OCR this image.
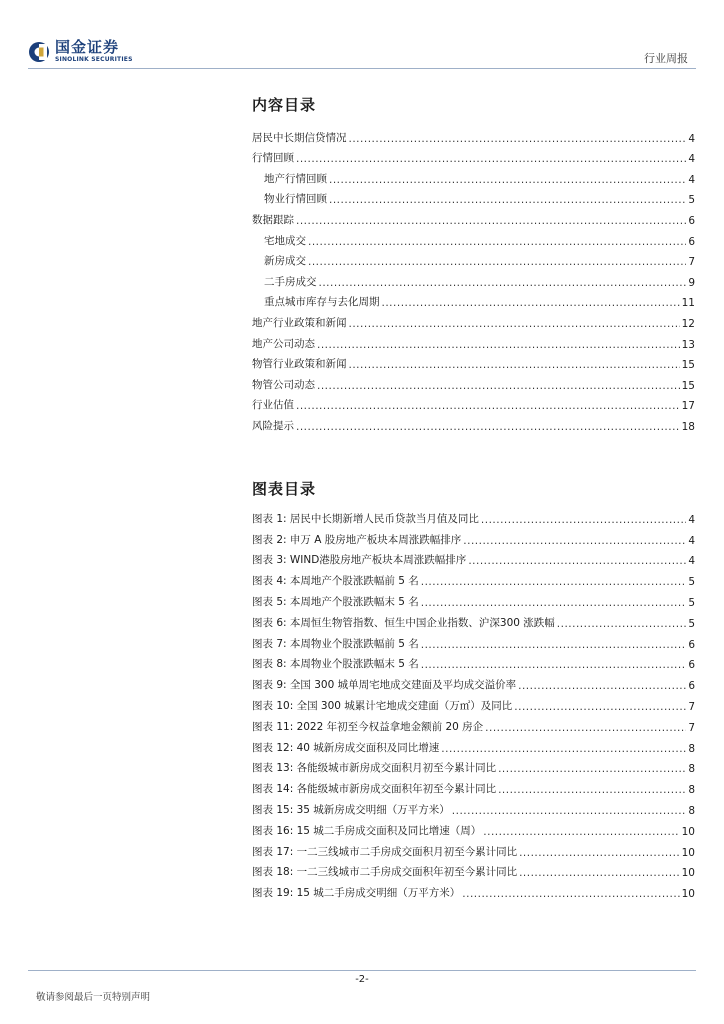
国金证券
SINOLINK SECURITIES	行业周报
内容目录
居民中长期信贷情况 .....	4
行情回顾 .....	4
地产行情回顾 .....	4
物业行情回顾 .....	5
数据跟踪 .....	6
宅地成交 .....	6
新房成交 .....	7
二手房成交 .....	9
重点城市库存与去化周期 .....	11
地产行业政策和新闻 .....	12
地产公司动态 .....	13
物管行业政策和新闻 .....	15
物管公司动态 .....	15
行业估值 .....	17
风险提示 .....	18
图表目录
图表 1: 居民中长期新增人民币贷款当月值及同比 .....	4
图表 2: 申万 A 股房地产板块本周涨跌幅排序 .....	4
图表 3: WIND港股房地产板块本周涨跌幅排序 .....	4
图表 4: 本周地产个股涨跌幅前 5 名 .....	5
图表 5: 本周地产个股涨跌幅末 5 名 .....	5
图表 6: 本周恒生物管指数、恒生中国企业指数、沪深300 涨跌幅 .....	5
图表 7: 本周物业个股涨跌幅前 5 名 .....	6
图表 8: 本周物业个股涨跌幅末 5 名 .....	6
图表 9: 全国 300 城单周宅地成交建面及平均成交溢价率 .....	6
图表 10: 全国 300 城累计宅地成交建面（万㎡）及同比 .....	7
图表 11: 2022 年初至今权益拿地金额前 20 房企 .....	7
图表 12: 40 城新房成交面积及同比增速 .....	8
图表 13: 各能级城市新房成交面积月初至今累计同比 .....	8
图表 14: 各能级城市新房成交面积年初至今累计同比 .....	8
图表 15: 35 城新房成交明细（万平方米） .....	8
图表 16: 15 城二手房成交面积及同比增速（周） .....	10
图表 17: 一二三线城市二手房成交面积月初至今累计同比 .....	10
图表 18: 一二三线城市二手房成交面积年初至今累计同比 .....	10
图表 19: 15 城二手房成交明细（万平方米） .....	10
-2-
敬请参阅最后一页特别声明
